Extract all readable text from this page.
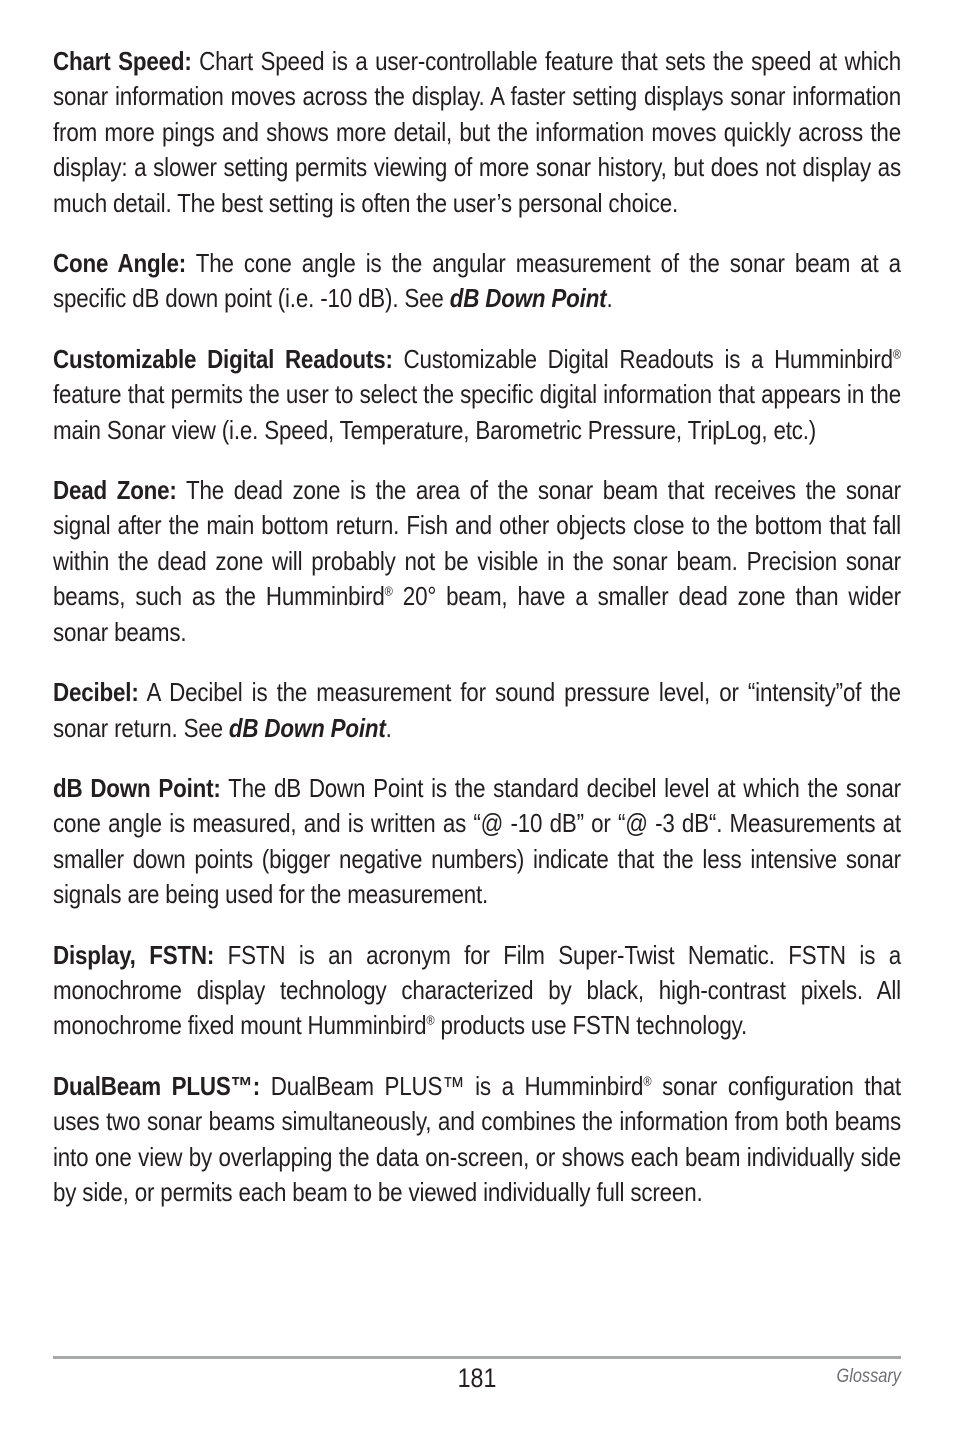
Chart Speed: Chart Speed is a user-controllable feature that sets the speed at which sonar information moves across the display. A faster setting displays sonar information from more pings and shows more detail, but the information moves quickly across the display: a slower setting permits viewing of more sonar history, but does not display as much detail. The best setting is often the user’s personal choice.

Cone Angle: The cone angle is the angular measurement of the sonar beam at a specific dB down point (i.e. -10 dB). See dB Down Point.

Customizable Digital Readouts: Customizable Digital Readouts is a Humminbird® feature that permits the user to select the specific digital information that appears in the main Sonar view (i.e. Speed, Temperature, Barometric Pressure, TripLog, etc.)

Dead Zone: The dead zone is the area of the sonar beam that receives the sonar signal after the main bottom return. Fish and other objects close to the bottom that fall within the dead zone will probably not be visible in the sonar beam. Precision sonar beams, such as the Humminbird® 20° beam, have a smaller dead zone than wider sonar beams.

Decibel: A Decibel is the measurement for sound pressure level, or “intensity”of the sonar return. See dB Down Point.

dB Down Point: The dB Down Point is the standard decibel level at which the sonar cone angle is measured, and is written as “@ -10 dB” or “@ -3 dB“. Measurements at smaller down points (bigger negative numbers) indicate that the less intensive sonar signals are being used for the measurement.

Display, FSTN: FSTN is an acronym for Film Super-Twist Nematic. FSTN is a monochrome display technology characterized by black, high-contrast pixels. All monochrome fixed mount Humminbird® products use FSTN technology.

DualBeam PLUS™: DualBeam PLUS™ is a Humminbird® sonar configuration that uses two sonar beams simultaneously, and combines the information from both beams into one view by overlapping the data on-screen, or shows each beam individually side by side, or permits each beam to be viewed individually full screen.

181	Glossary
